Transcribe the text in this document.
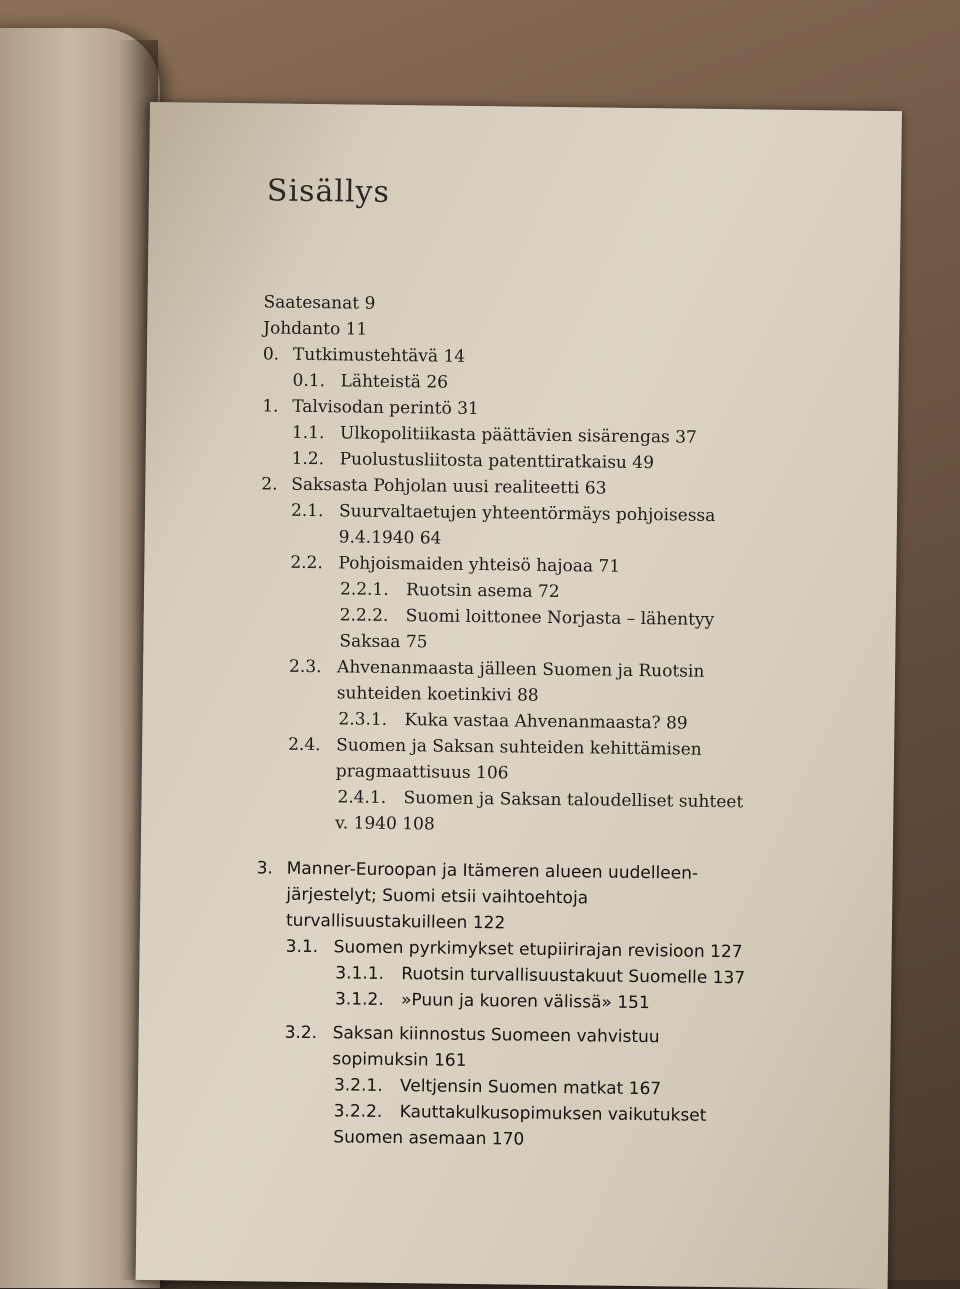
Sisällys
Saatesanat 9
Johdanto 11
0. Tutkimustehtävä 14
0.1. Lähteistä 26
1. Talvisodan perintö 31
1.1. Ulkopolitiikasta päättävien sisärengas 37
1.2. Puolustusliitosta patenttiratkaisu 49
2. Saksasta Pohjolan uusi realiteetti 63
2.1. Suurvaltaetujen yhteentörmäys pohjoisessa
9.4.1940 64
2.2. Pohjoismaiden yhteisö hajoaa 71
2.2.1.	Ruotsin asema 72
2.2.2.	Suomi loittonee Norjasta – lähentyy
Saksaa 75
2.3. Ahvenanmaasta jälleen Suomen ja Ruotsin
suhteiden koetinkivi 88
2.3.1.	Kuka vastaa Ahvenanmaasta? 89
2.4. Suomen ja Saksan suhteiden kehittämisen
pragmaattisuus 106
2.4.1.	Suomen ja Saksan taloudelliset suhteet
v. 1940 108
3. Manner-Euroopan ja Itämeren alueen uudelleen-
järjestelyt; Suomi etsii vaihtoehtoja
turvallisuustakuilleen 122
3.1. Suomen pyrkimykset etupiirirajan revisioon 127
3.1.1.	Ruotsin turvallisuustakuut Suomelle 137
3.1.2.	»Puun ja kuoren välissä» 151
3.2. Saksan kiinnostus Suomeen vahvistuu
sopimuksin 161
3.2.1.	Veltjensin Suomen matkat 167
3.2.2.	Kauttakulkusopimuksen vaikutukset
Suomen asemaan 170
